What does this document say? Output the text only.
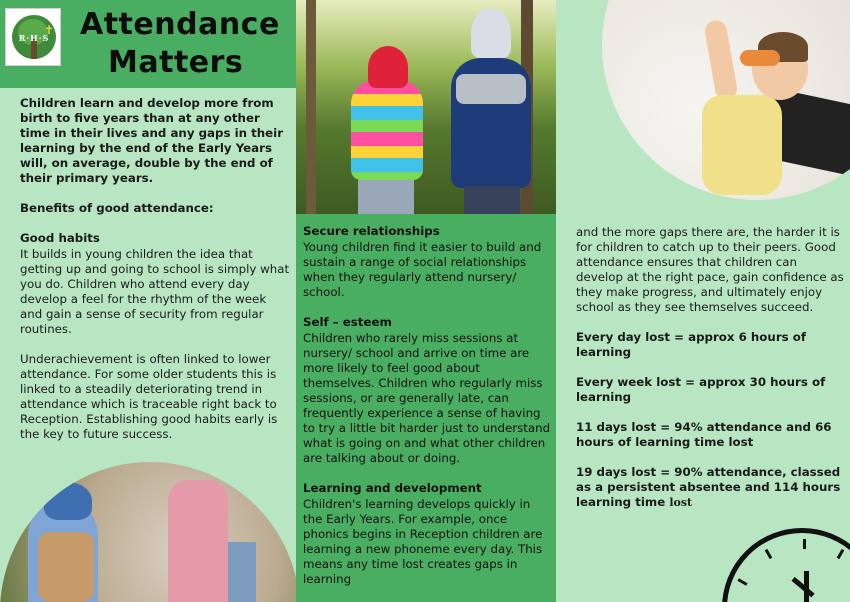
R·H·S
✝ Attendance
Matters

Children learn and develop more from birth to five years than at any other time in their lives and any gaps in their learning by the end of the Early Years will, on average, double by the end of their primary years.

Benefits of good attendance:

Good habits

It builds in young children the idea that getting up and going to school is simply what you do. Children who attend every day develop a feel for the rhythm of the week and gain a sense of security from regular routines.

Underachievement is often linked to lower attendance. For some older students this is linked to a steadily deteriorating trend in attendance which is traceable right back to Reception. Establishing good habits early is the key to future success.

Secure relationships

Young children find it easier to build and sustain a range of social relationships when they regularly attend nursery/ school.

Self – esteem

Children who rarely miss sessions at nursery/ school and arrive on time are more likely to feel good about themselves. Children who regularly miss sessions, or are generally late, can frequently experience a sense of having to try a little bit harder just to understand what is going on and what other children are talking about or doing.

Learning and development

Children's learning develops quickly in the Early Years. For example, once phonics begins in Reception children are learning a new phoneme every day. This means any time lost creates gaps in learning

and the more gaps there are, the harder it is for children to catch up to their peers. Good attendance ensures that children can develop at the right pace, gain confidence as they make progress, and ultimately enjoy school as they see themselves succeed.

Every day lost = approx 6 hours of learning

Every week lost = approx 30 hours of learning

11 days lost = 94% attendance and 66 hours of learning time lost

19 days lost = 90% attendance, classed as a persistent absentee and 114 hours learning time lost
